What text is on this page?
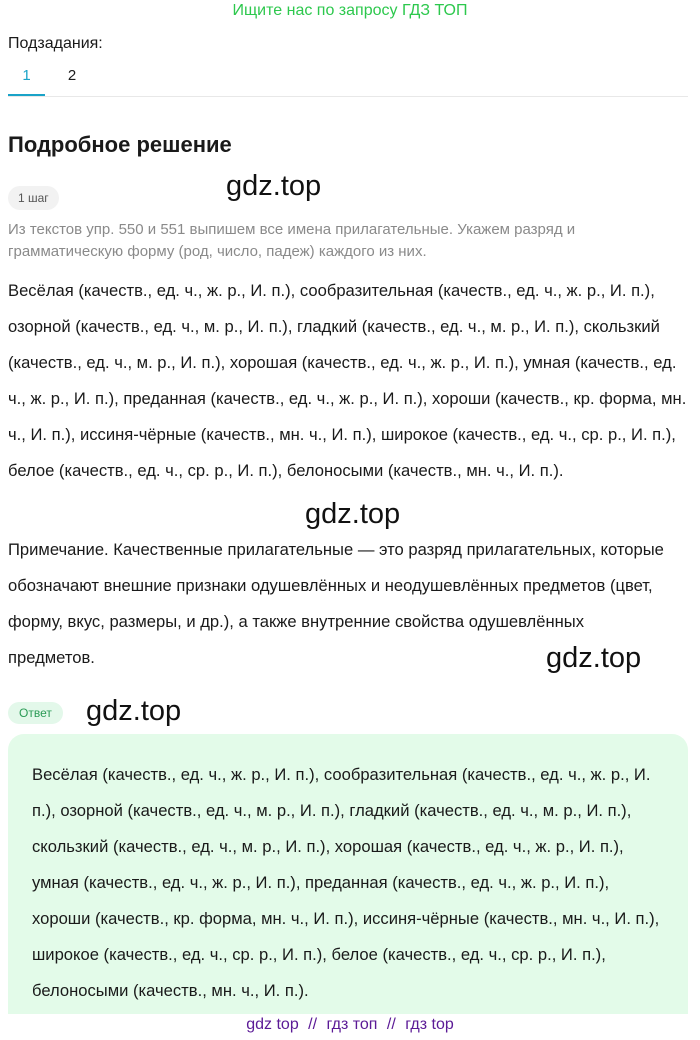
Ищите нас по запросу ГДЗ ТОП
Подзадания:
1	2
Подробное решение
1 шаг	gdz.top
Из текстов упр. 550 и 551 выпишем все имена прилагательные. Укажем разряд и грамматическую форму (род, число, падеж) каждого из них.
Весёлая (качеств., ед. ч., ж. р., И. п.), сообразительная (качеств., ед. ч., ж. р., И. п.), озорной (качеств., ед. ч., м. р., И. п.), гладкий (качеств., ед. ч., м. р., И. п.), скользкий (качеств., ед. ч., м. р., И. п.), хорошая (качеств., ед. ч., ж. р., И. п.), умная (качеств., ед. ч., ж. р., И. п.), преданная (качеств., ед. ч., ж. р., И. п.), хороши (качеств., кр. форма, мн. ч., И. п.), иссиня-чёрные (качеств., мн. ч., И. п.), широкое (качеств., ед. ч., ср. р., И. п.), белое (качеств., ед. ч., ср. р., И. п.), белоносыми (качеств., мн. ч., И. п.).
gdz.top
Примечание. Качественные прилагательные — это разряд прилагательных, которые обозначают внешние признаки одушевлённых и неодушевлённых предметов (цвет, форму, вкус, размеры, и др.), а также внутренние свойства одушевлённых предметов.	gdz.top
Ответ	gdz.top
Весёлая (качеств., ед. ч., ж. р., И. п.), сообразительная (качеств., ед. ч., ж. р., И. п.), озорной (качеств., ед. ч., м. р., И. п.), гладкий (качеств., ед. ч., м. р., И. п.), скользкий (качеств., ед. ч., м. р., И. п.), хорошая (качеств., ед. ч., ж. р., И. п.), умная (качеств., ед. ч., ж. р., И. п.), преданная (качеств., ед. ч., ж. р., И. п.), хороши (качеств., кр. форма, мн. ч., И. п.), иссиня-чёрные (качеств., мн. ч., И. п.), широкое (качеств., ед. ч., ср. р., И. п.), белое (качеств., ед. ч., ср. р., И. п.), белоносыми (качеств., мн. ч., И. п.).
gdz top // гдз топ // гдз top
